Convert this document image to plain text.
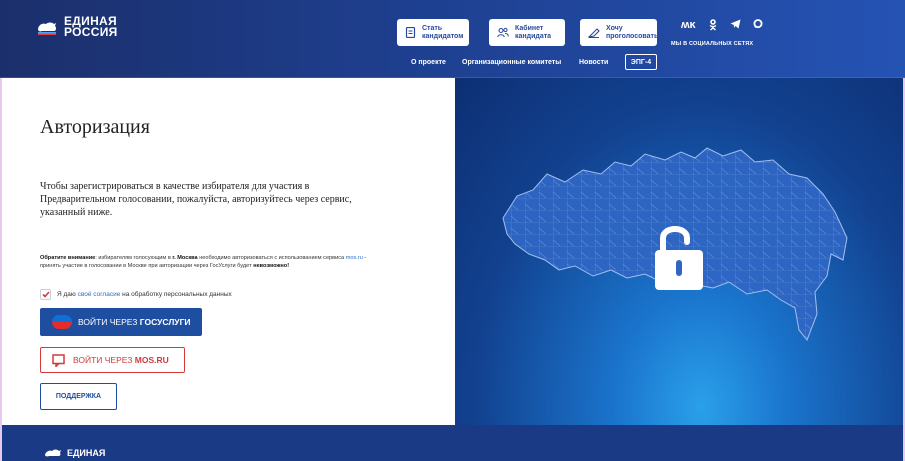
ЕДИНАЯ
РОССИЯ	Стать
кандидатом
Кабинет
кандидата
Хочу
проголосовать
ʍĸ
МЫ В СОЦИАЛЬНЫХ СЕТЯХ
О проекте Организационные комитеты	Новости	ЭПГ-4
Авторизация
Чтобы зарегистрироваться в качестве избирателя для участия в Предварительном голосовании, пожалуйста, авторизуйтесь через сервис, указанный ниже.
Обратите внимание: избирателям голосующим в г. Москва необходимо авторизоваться с использованием сервиса mos.ru - принять участие в голосовании в Москве при авторизации через ГосУслуги будет невозможно!
Я даю своё согласие на обработку персональных данных
ВОЙТИ ЧЕРЕЗ ГОСУСЛУГИ
ВОЙТИ ЧЕРЕЗ MOS.RU
ПОДДЕРЖКА
ЕДИНАЯ
